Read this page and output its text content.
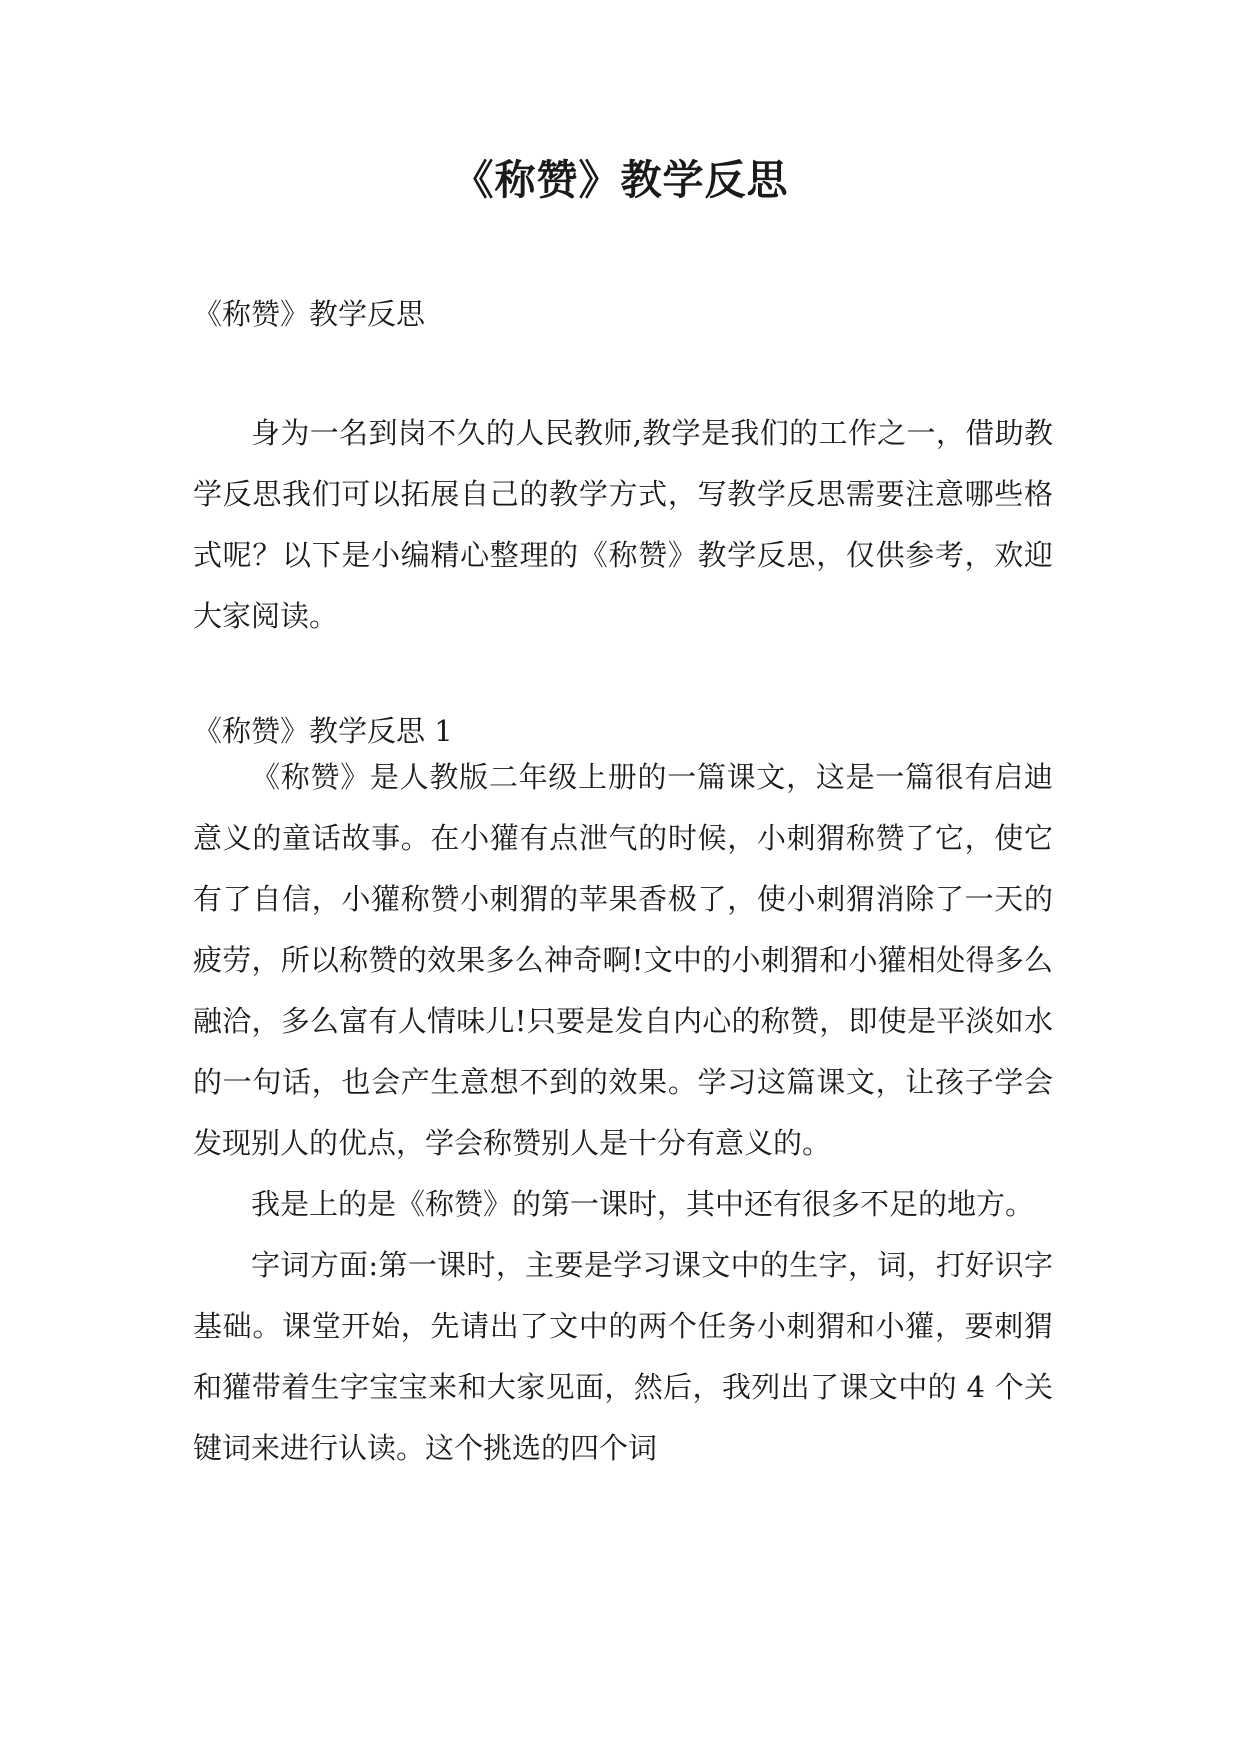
《称赞》教学反思
《称赞》教学反思

身为一名到岗不久的人民教师,教学是我们的工作之一，借助教学反思我们可以拓展自己的教学方式，写教学反思需要注意哪些格式呢？以下是小编精心整理的《称赞》教学反思，仅供参考，欢迎大家阅读。

《称赞》教学反思 1

《称赞》是人教版二年级上册的一篇课文，这是一篇很有启迪意义的童话故事。在小獾有点泄气的时候，小刺猬称赞了它，使它有了自信，小獾称赞小刺猬的苹果香极了，使小刺猬消除了一天的疲劳，所以称赞的效果多么神奇啊!文中的小刺猬和小獾相处得多么融洽，多么富有人情味儿!只要是发自内心的称赞，即使是平淡如水的一句话，也会产生意想不到的效果。学习这篇课文，让孩子学会发现别人的优点，学会称赞别人是十分有意义的。

我是上的是《称赞》的第一课时，其中还有很多不足的地方。

字词方面:第一课时，主要是学习课文中的生字，词，打好识字基础。课堂开始，先请出了文中的两个任务小刺猬和小獾，要刺猬和獾带着生字宝宝来和大家见面，然后，我列出了课文中的 4 个关键词来进行认读。这个挑选的四个词
